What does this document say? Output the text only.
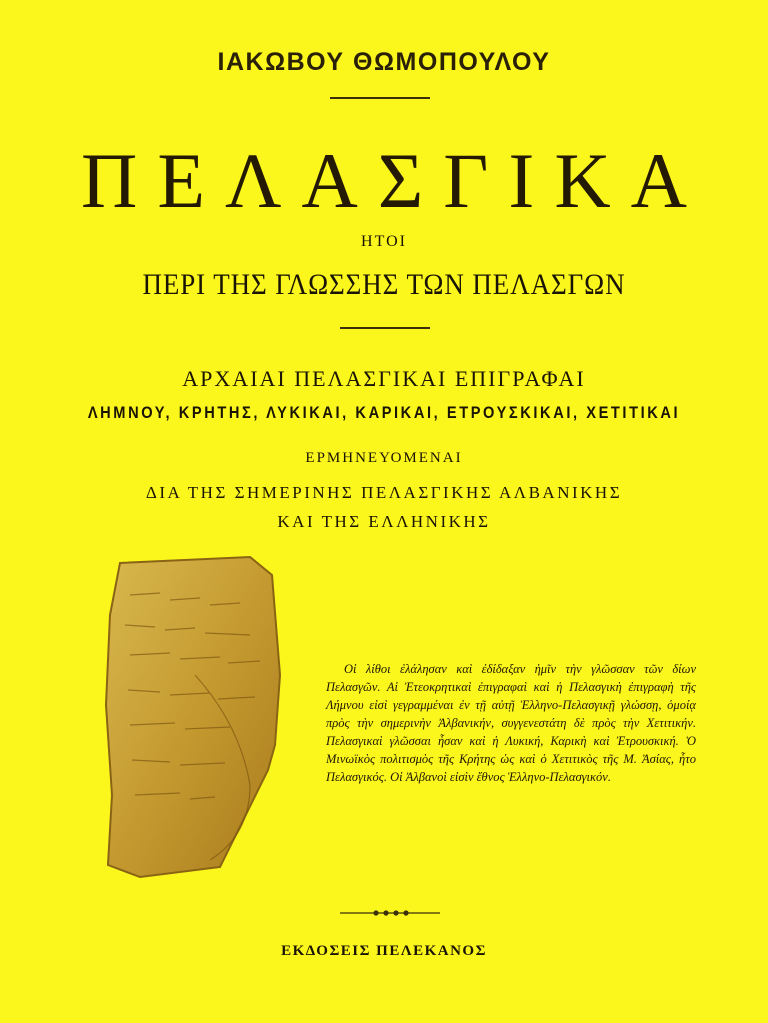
ΙΑΚΩΒΟΥ ΘΩΜΟΠΟΥΛΟΥ
ΠΕΛΑΣΓΙΚΑ
ΗΤΟΙ
ΠΕΡΙ ΤΗΣ ΓΛΩΣΣΗΣ ΤΩΝ ΠΕΛΑΣΓΩΝ
ΑΡΧΑΙΑΙ ΠΕΛΑΣΓΙΚΑΙ ΕΠΙΓΡΑΦΑΙ
ΛΗΜΝΟΥ, ΚΡΗΤΗΣ, ΛΥΚΙΚΑΙ, ΚΑΡΙΚΑΙ, ΕΤΡΟΥΣΚΙΚΑΙ, ΧΕΤΙΤΙΚΑΙ
ΕΡΜΗΝΕΥΟΜΕΝΑΙ
ΔΙΑ ΤΗΣ ΣΗΜΕΡΙΝΗΣ ΠΕΛΑΣΓΙΚΗΣ ΑΛΒΑΝΙΚΗΣ
ΚΑΙ ΤΗΣ ΕΛΛΗΝΙΚΗΣ
Οἱ λίθοι ἐλάλησαν καὶ ἐδίδαξαν ἡμῖν τὴν γλῶσσαν τῶν δίων Πελασγῶν. Αἱ Ἐτεοκρητικαὶ ἐπιγραφαὶ καὶ ἡ Πελασγικὴ ἐπιγραφὴ τῆς Λήμνου εἰσὶ γεγραμμέναι ἐν τῇ αὐτῇ Ἑλληνο-Πελασγικῇ γλώσσῃ, ὁμοίᾳ πρὸς τὴν σημερινὴν Ἀλβανικήν, συγγενεστάτη δὲ πρὸς τὴν Χετιτικήν. Πελασγικαὶ γλῶσσαι ἦσαν καὶ ἡ Λυκική, Καρικὴ καὶ Ἐτρουσκική. Ὁ Μινωϊκὸς πολιτισμὸς τῆς Κρήτης ὡς καὶ ὁ Χετιτικὸς τῆς Μ. Ἀσίας, ἦτο Πελασγικός. Οἱ Ἀλβανοὶ εἰσὶν ἔθνος Ἑλληνο-Πελασγικόν.
ΕΚΔΟΣΕΙΣ ΠΕΛΕΚΑΝΟΣ
